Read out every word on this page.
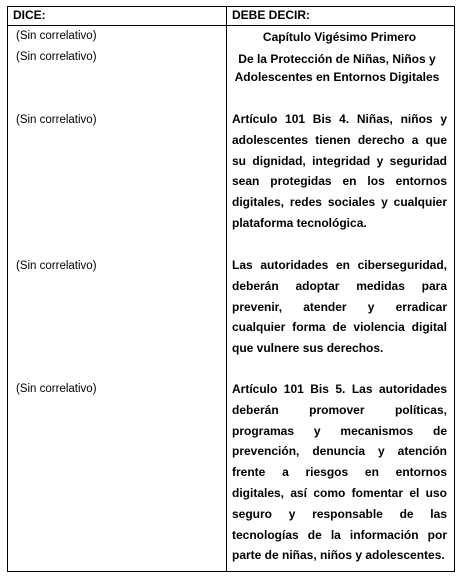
DICE:	DEBE DECIR:
(Sin correlativo)	Capítulo Vigésimo Primero
(Sin correlativo)	De la Protección de Niñas, Niños y Adolescentes en Entornos Digitales
(Sin correlativo)	Artículo 101 Bis 4. Niñas, niños y adolescentes tienen derecho a que su dignidad, integridad y seguridad sean protegidas en los entornos digitales, redes sociales y cualquier plataforma tecnológica.
(Sin correlativo)	Las autoridades en ciberseguridad, deberán adoptar medidas para prevenir, atender y erradicar cualquier forma de violencia digital que vulnere sus derechos.
(Sin correlativo)	Artículo 101 Bis 5. Las autoridades deberán promover políticas, programas y mecanismos de prevención, denuncia y atención frente a riesgos en entornos digitales, así como fomentar el uso seguro y responsable de las tecnologías de la información por parte de niñas, niños y adolescentes.
